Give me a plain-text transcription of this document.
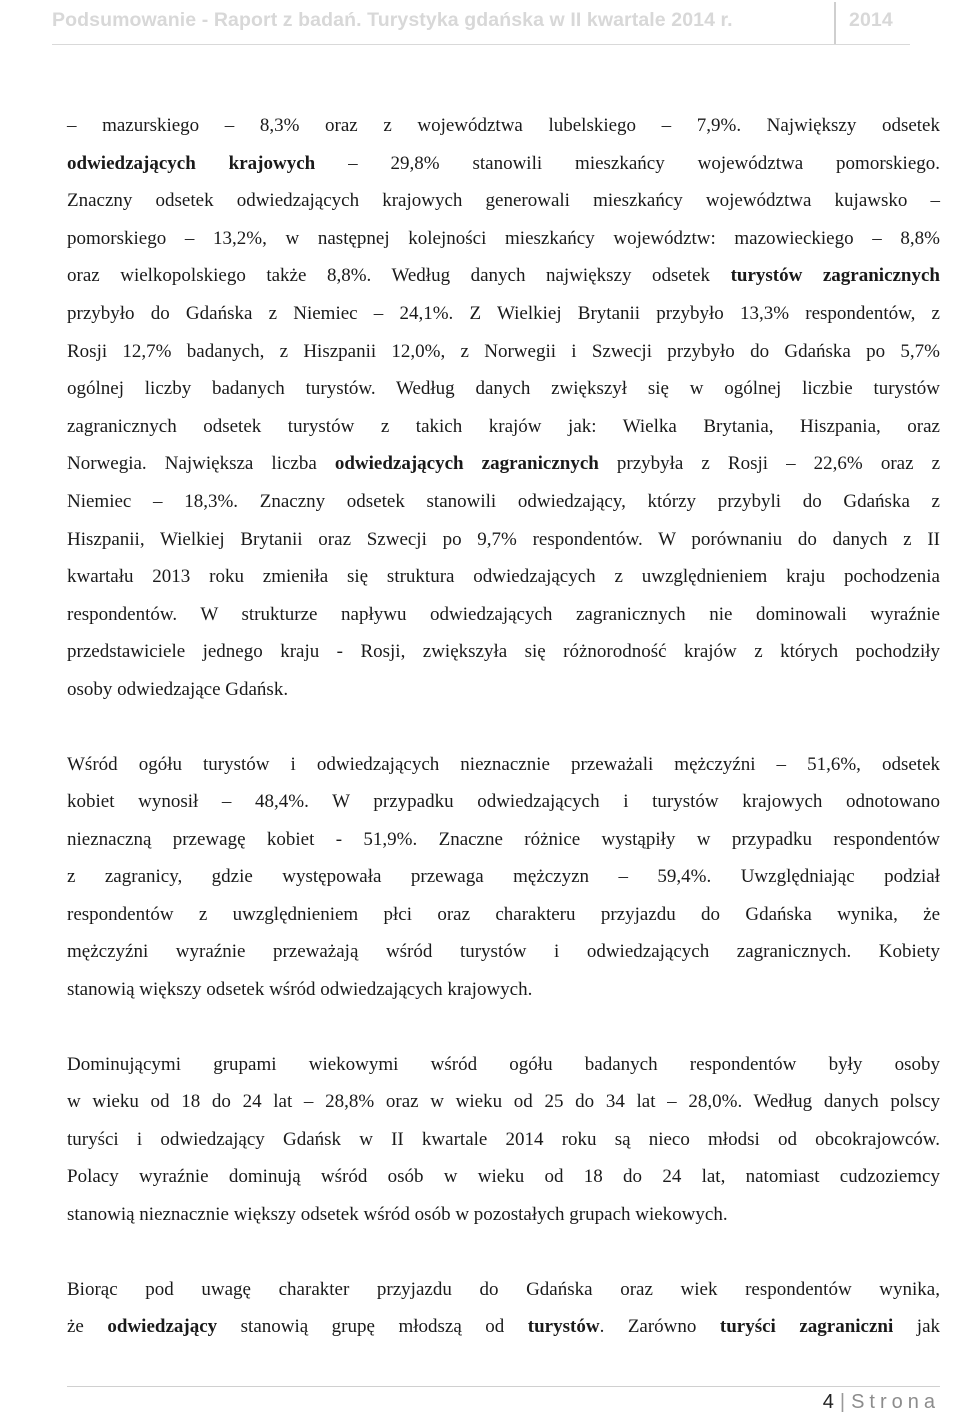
Podsumowanie - Raport z badań. Turystyka gdańska w II kwartale 2014 r.	2014
– mazurskiego – 8,3% oraz z województwa lubelskiego – 7,9%. Największy odsetek
odwiedzających krajowych – 29,8% stanowili mieszkańcy województwa pomorskiego.
Znaczny odsetek odwiedzających krajowych generowali mieszkańcy województwa kujawsko –
pomorskiego – 13,2%, w następnej kolejności mieszkańcy województw: mazowieckiego – 8,8%
oraz wielkopolskiego także 8,8%. Według danych największy odsetek turystów zagranicznych
przybyło do Gdańska z Niemiec – 24,1%. Z Wielkiej Brytanii przybyło 13,3% respondentów, z
Rosji 12,7% badanych, z Hiszpanii 12,0%, z Norwegii i Szwecji przybyło do Gdańska po 5,7%
ogólnej liczby badanych turystów. Według danych zwiększył się w ogólnej liczbie turystów
zagranicznych odsetek turystów z takich krajów jak: Wielka Brytania, Hiszpania, oraz
Norwegia. Największa liczba odwiedzających zagranicznych przybyła z Rosji – 22,6% oraz z
Niemiec – 18,3%. Znaczny odsetek stanowili odwiedzający, którzy przybyli do Gdańska z
Hiszpanii, Wielkiej Brytanii oraz Szwecji po 9,7% respondentów. W porównaniu do danych z II
kwartału 2013 roku zmieniła się struktura odwiedzających z uwzględnieniem kraju pochodzenia
respondentów. W strukturze napływu odwiedzających zagranicznych nie dominowali wyraźnie
przedstawiciele jednego kraju - Rosji, zwiększyła się różnorodność krajów z których pochodziły
osoby odwiedzające Gdańsk.
Wśród ogółu turystów i odwiedzających nieznacznie przeważali mężczyźni – 51,6%, odsetek
kobiet wynosił – 48,4%. W przypadku odwiedzających i turystów krajowych odnotowano
nieznaczną przewagę kobiet - 51,9%. Znaczne różnice wystąpiły w przypadku respondentów
z zagranicy, gdzie występowała przewaga mężczyzn – 59,4%. Uwzględniając podział
respondentów z uwzględnieniem płci oraz charakteru przyjazdu do Gdańska wynika, że
mężczyźni wyraźnie przeważają wśród turystów i odwiedzających zagranicznych. Kobiety
stanowią większy odsetek wśród odwiedzających krajowych.
Dominującymi grupami wiekowymi wśród ogółu badanych respondentów były osoby
w wieku od 18 do 24 lat – 28,8% oraz w wieku od 25 do 34 lat – 28,0%. Według danych polscy
turyści i odwiedzający Gdańsk w II kwartale 2014 roku są nieco młodsi od obcokrajowców.
Polacy wyraźnie dominują wśród osób w wieku od 18 do 24 lat, natomiast cudzoziemcy
stanowią nieznacznie większy odsetek wśród osób w pozostałych grupach wiekowych.
Biorąc pod uwagę charakter przyjazdu do Gdańska oraz wiek respondentów wynika,
że odwiedzający stanowią grupę młodszą od turystów. Zarówno turyści zagraniczni jak
4 | Strona
